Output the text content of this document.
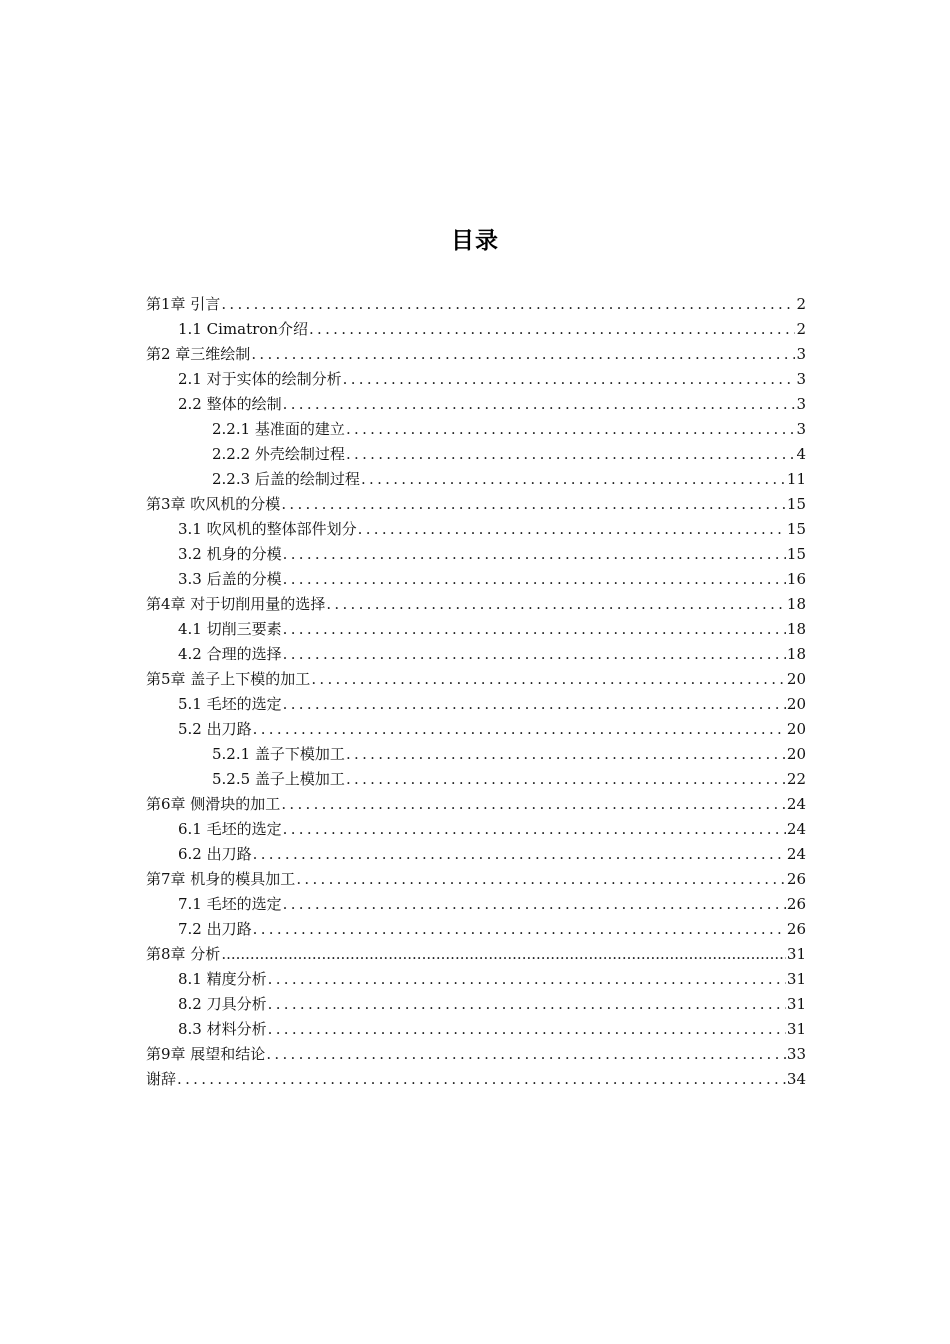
目录
第1章 引言 .....	2
1.1 Cimatron介绍 .....	2
第2 章三维绘制 .....	3
2.1 对于实体的绘制分析 .....	3
2.2 整体的绘制 .....	3
2.2.1 基准面的建立 .....	3
2.2.2 外壳绘制过程 .....	4
2.2.3 后盖的绘制过程 .....	11
第3章 吹风机的分模 .....	15
3.1 吹风机的整体部件划分 .....	15
3.2 机身的分模 .....	15
3.3 后盖的分模 .....	16
第4章 对于切削用量的选择 .....	18
4.1 切削三要素 .....	18
4.2 合理的选择 .....	18
第5章 盖子上下模的加工 .....	20
5.1 毛坯的选定 .....	20
5.2 出刀路 .....	20
5.2.1 盖子下模加工 .....	20
5.2.5 盖子上模加工 .....	22
第6章 侧滑块的加工 .....	24
6.1 毛坯的选定 .....	24
6.2 出刀路 .....	24
第7章 机身的模具加工 .....	26
7.1 毛坯的选定 .....	26
7.2 出刀路 .....	26
第8章 分析 .....	31
8.1 精度分析 .....	31
8.2 刀具分析 .....	31
8.3 材料分析 .....	31
第9章 展望和结论 .....	33
谢辞 .....	34
